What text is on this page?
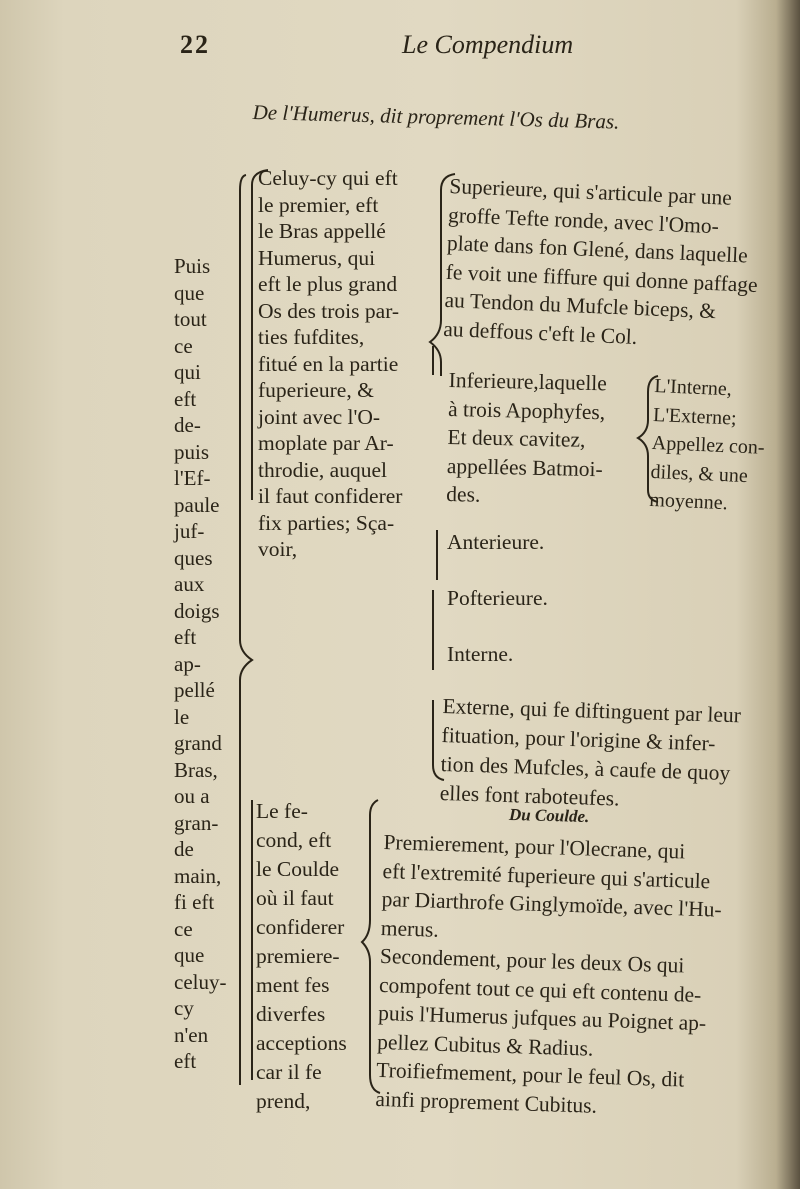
22	Le Compendium
De l'Humerus, dit proprement l'Os du Bras.
Puis
que
tout
ce
qui
eft
de-
puis
l'Ef-
paule
juf-
ques
aux
doigs
eft
ap-
pellé
le
grand
Bras,
ou a
gran-
de
main,
fi eft
ce
que
celuy-
cy
n'en
eft
Celuy-cy qui eft
le premier, eft
le Bras appellé
Humerus, qui
eft le plus grand
Os des trois par-
ties fufdites,
fitué en la partie
fuperieure, &
joint avec l'O-
moplate par Ar-
throdie, auquel
il faut confiderer
fix parties; Sça-
voir,
Superieure, qui s'articule par une
groffe Tefte ronde, avec l'Omo-
plate dans fon Glené, dans laquelle
fe voit une fiffure qui donne paffage
au Tendon du Mufcle biceps, &
au deffous c'eft le Col.
Inferieure,laquelle
à trois Apophyfes,
Et deux cavitez,
appellées Batmoi-
des.
L'Interne,
L'Externe;
Appellez con-
diles, & une
moyenne.
Anterieure.
Pofterieure.
Interne.
Externe, qui fe diftinguent par leur
fituation, pour l'origine & infer-
tion des Mufcles, à caufe de quoy
elles font raboteufes.
Le fe-
cond, eft
le Coulde
où il faut
confiderer
premiere-
ment fes
diverfes
acceptions
car il fe
prend,
Du Coulde.
Premierement, pour l'Olecrane, qui
eft l'extremité fuperieure qui s'articule
par Diarthrofe Ginglymoïde, avec l'Hu-
merus.
Secondement, pour les deux Os qui
compofent tout ce qui eft contenu de-
puis l'Humerus jufques au Poignet ap-
pellez Cubitus & Radius.
Troifiefmement, pour le feul Os, dit
ainfi proprement Cubitus.
